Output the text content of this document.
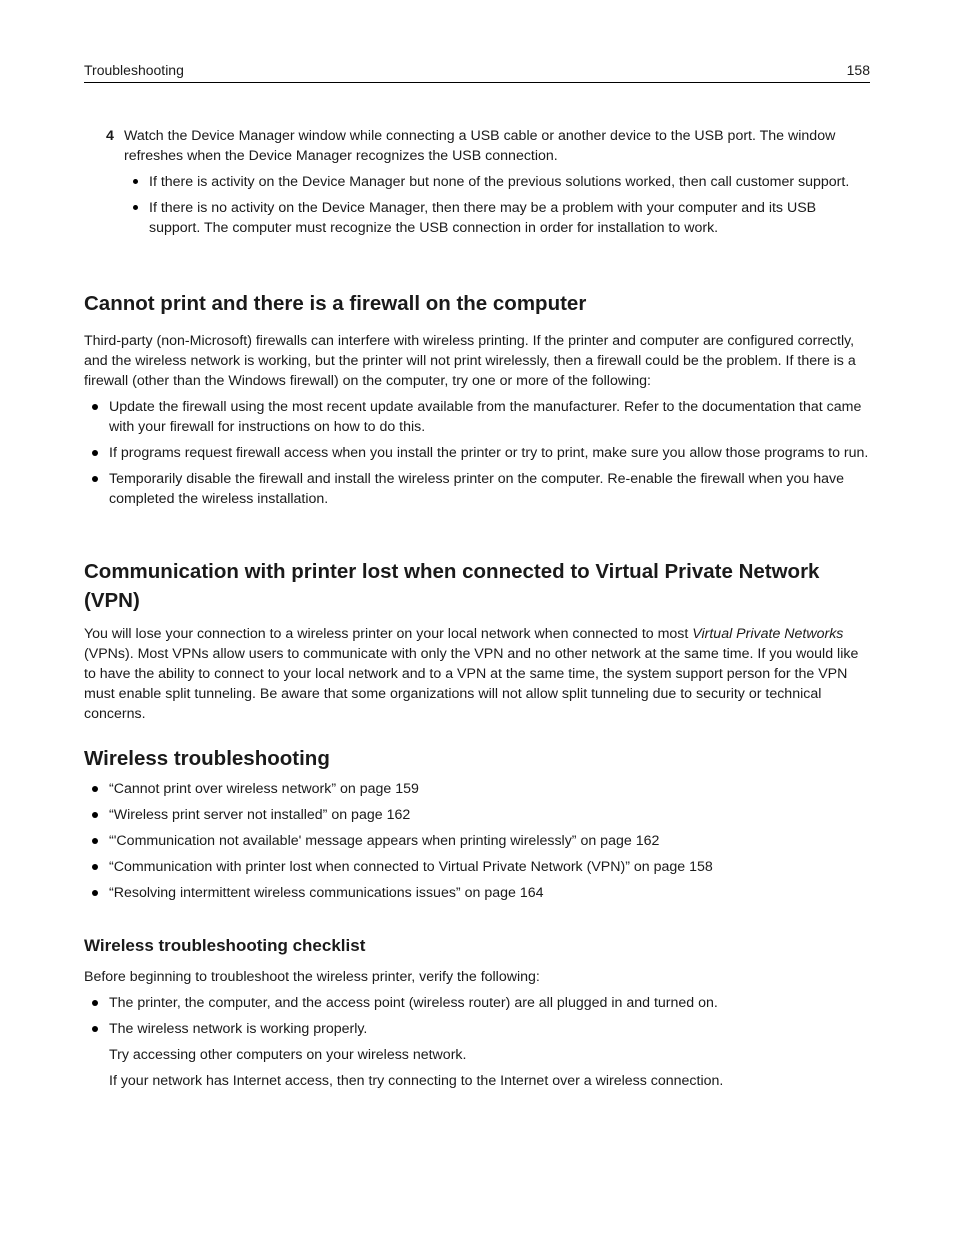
Troubleshooting	158
4 Watch the Device Manager window while connecting a USB cable or another device to the USB port. The window refreshes when the Device Manager recognizes the USB connection.

If there is activity on the Device Manager but none of the previous solutions worked, then call customer support.
If there is no activity on the Device Manager, then there may be a problem with your computer and its USB support. The computer must recognize the USB connection in order for installation to work.
Cannot print and there is a firewall on the computer

Third-party (non-Microsoft) firewalls can interfere with wireless printing. If the printer and computer are configured correctly, and the wireless network is working, but the printer will not print wirelessly, then a firewall could be the problem. If there is a firewall (other than the Windows firewall) on the computer, try one or more of the following:

Update the firewall using the most recent update available from the manufacturer. Refer to the documentation that came with your firewall for instructions on how to do this.
If programs request firewall access when you install the printer or try to print, make sure you allow those programs to run.
Temporarily disable the firewall and install the wireless printer on the computer. Re-enable the firewall when you have completed the wireless installation.
Communication with printer lost when connected to Virtual Private Network (VPN)

You will lose your connection to a wireless printer on your local network when connected to most Virtual Private Networks (VPNs). Most VPNs allow users to communicate with only the VPN and no other network at the same time. If you would like to have the ability to connect to your local network and to a VPN at the same time, the system support person for the VPN must enable split tunneling. Be aware that some organizations will not allow split tunneling due to security or technical concerns.

Wireless troubleshooting
“Cannot print over wireless network” on page 159
“Wireless print server not installed” on page 162
“'Communication not available' message appears when printing wirelessly” on page 162
“Communication with printer lost when connected to Virtual Private Network (VPN)” on page 158
“Resolving intermittent wireless communications issues” on page 164
Wireless troubleshooting checklist

Before beginning to troubleshoot the wireless printer, verify the following:

The printer, the computer, and the access point (wireless router) are all plugged in and turned on.
The wireless network is working properly.

Try accessing other computers on your wireless network.

If your network has Internet access, then try connecting to the Internet over a wireless connection.
